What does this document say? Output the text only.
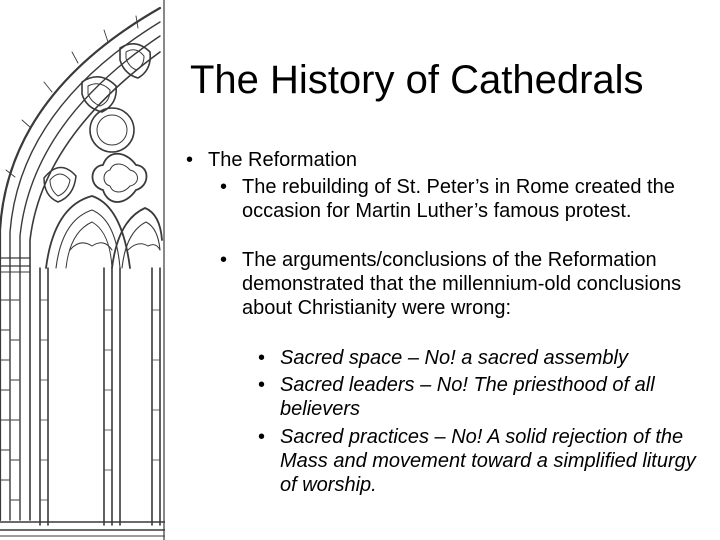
The History of Cathedrals
• The Reformation
• The rebuilding of St. Peter’s in Rome created the occasion for Martin Luther’s famous protest.
• The arguments/conclusions of the Reformation demonstrated that the millennium-old conclusions about Christianity were wrong:
• Sacred space – No! a sacred assembly
• Sacred leaders – No! The priesthood of all believers
• Sacred practices – No! A solid rejection of the Mass and movement toward a simplified liturgy of worship.
